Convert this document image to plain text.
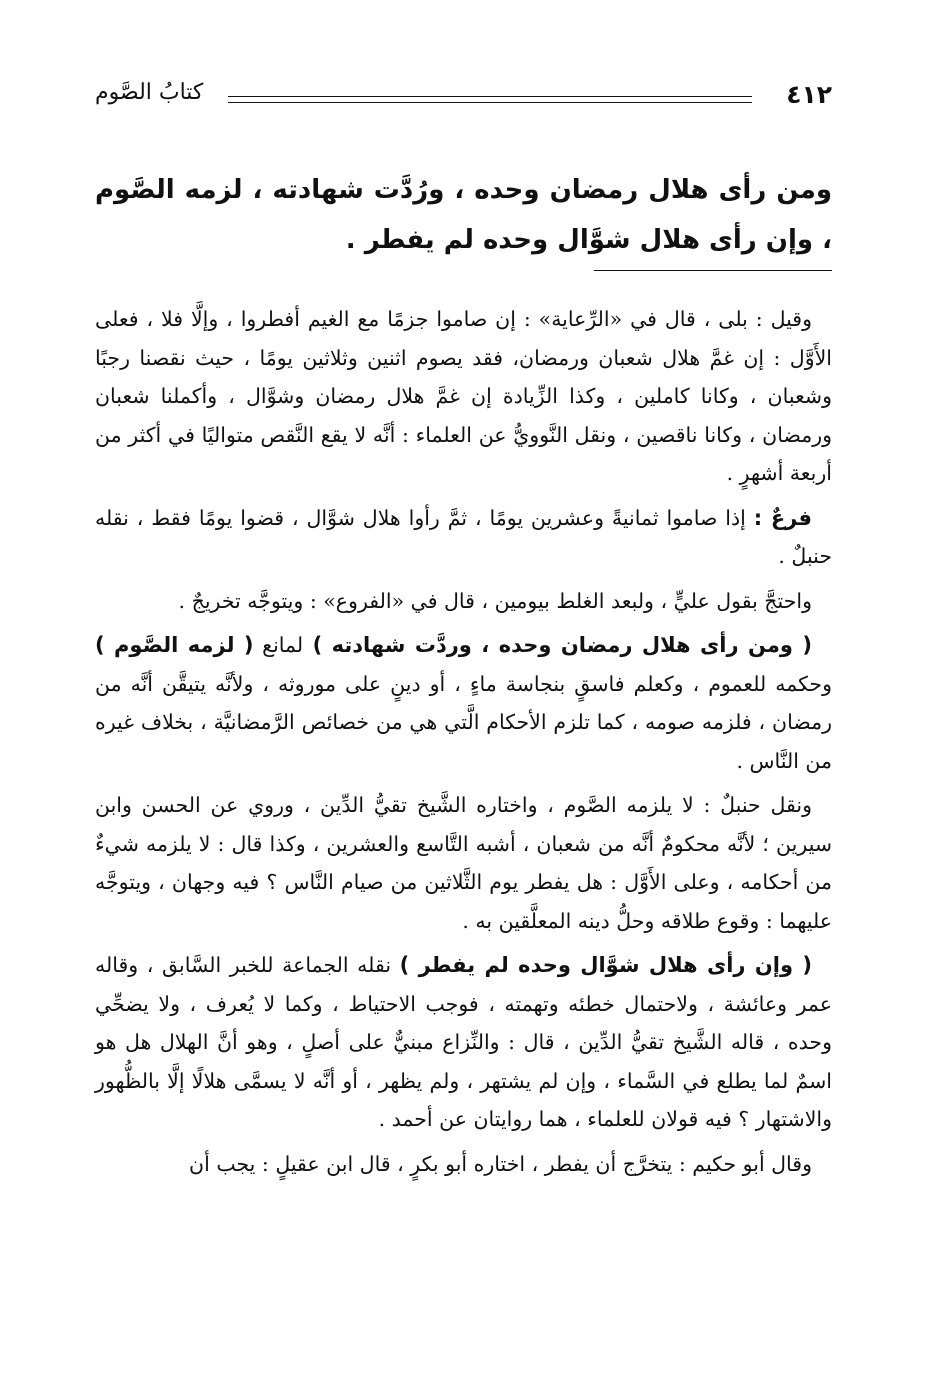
٤١٢
كتابُ الصَّوم
ومن رأى هلال رمضان وحده ، ورُدَّت شهادته ، لزمه الصَّوم ، وإن رأى هلال شوَّال وحده لم يفطر .

وقيل : بلى ، قال في «الرِّعاية» : إن صاموا جزمًا مع الغيم أفطروا ، وإلَّا فلا ، فعلى الأَوَّل : إن غمَّ هلال شعبان ورمضان، فقد يصوم اثنين وثلاثين يومًا ، حيث نقصنا رجبًا وشعبان ، وكانا كاملين ، وكذا الزِّيادة إن غمَّ هلال رمضان وشوَّال ، وأكملنا شعبان ورمضان ، وكانا ناقصين ، ونقل النَّوويُّ عن العلماء : أنَّه لا يقع النَّقص متواليًا في أكثر من أربعة أشهرٍ .

فرعٌ : إذا صاموا ثمانيةً وعشرين يومًا ، ثمَّ رأوا هلال شوَّال ، قضوا يومًا فقط ، نقله حنبلٌ .

واحتجَّ بقول عليٍّ ، ولبعد الغلط بيومين ، قال في «الفروع» : ويتوجَّه تخريجٌ .

( ومن رأى هلال رمضان وحده ، وردَّت شهادته ) لمانع ( لزمه الصَّوم ) وحكمه للعموم ، وكعلم فاسقٍ بنجاسة ماءٍ ، أو دينٍ على موروثه ، ولأنَّه يتيقَّن أنَّه من رمضان ، فلزمه صومه ، كما تلزم الأحكام الَّتي هي من خصائص الرَّمضانيَّة ، بخلاف غيره من النَّاس .

ونقل حنبلٌ : لا يلزمه الصَّوم ، واختاره الشَّيخ تقيُّ الدِّين ، وروي عن الحسن وابن سيرين ؛ لأنَّه محكومٌ أنَّه من شعبان ، أشبه التَّاسع والعشرين ، وكذا قال : لا يلزمه شيءٌ من أحكامه ، وعلى الأَوَّل : هل يفطر يوم الثَّلاثين من صيام النَّاس ؟ فيه وجهان ، ويتوجَّه عليهما : وقوع طلاقه وحلُّ دينه المعلَّقين به .

( وإن رأى هلال شوَّال وحده لم يفطر ) نقله الجماعة للخبر السَّابق ، وقاله عمر وعائشة ، ولاحتمال خطئه وتهمته ، فوجب الاحتياط ، وكما لا يُعرف ، ولا يضحِّي وحده ، قاله الشَّيخ تقيُّ الدِّين ، قال : والنِّزاع مبنيٌّ على أصلٍ ، وهو أنَّ الهلال هل هو اسمٌ لما يطلع في السَّماء ، وإن لم يشتهر ، ولم يظهر ، أو أنَّه لا يسمَّى هلالًا إلَّا بالظُّهور والاشتهار ؟ فيه قولان للعلماء ، هما روايتان عن أحمد .

وقال أبو حكيم : يتخرَّج أن يفطر ، اختاره أبو بكرٍ ، قال ابن عقيلٍ : يجب أن
